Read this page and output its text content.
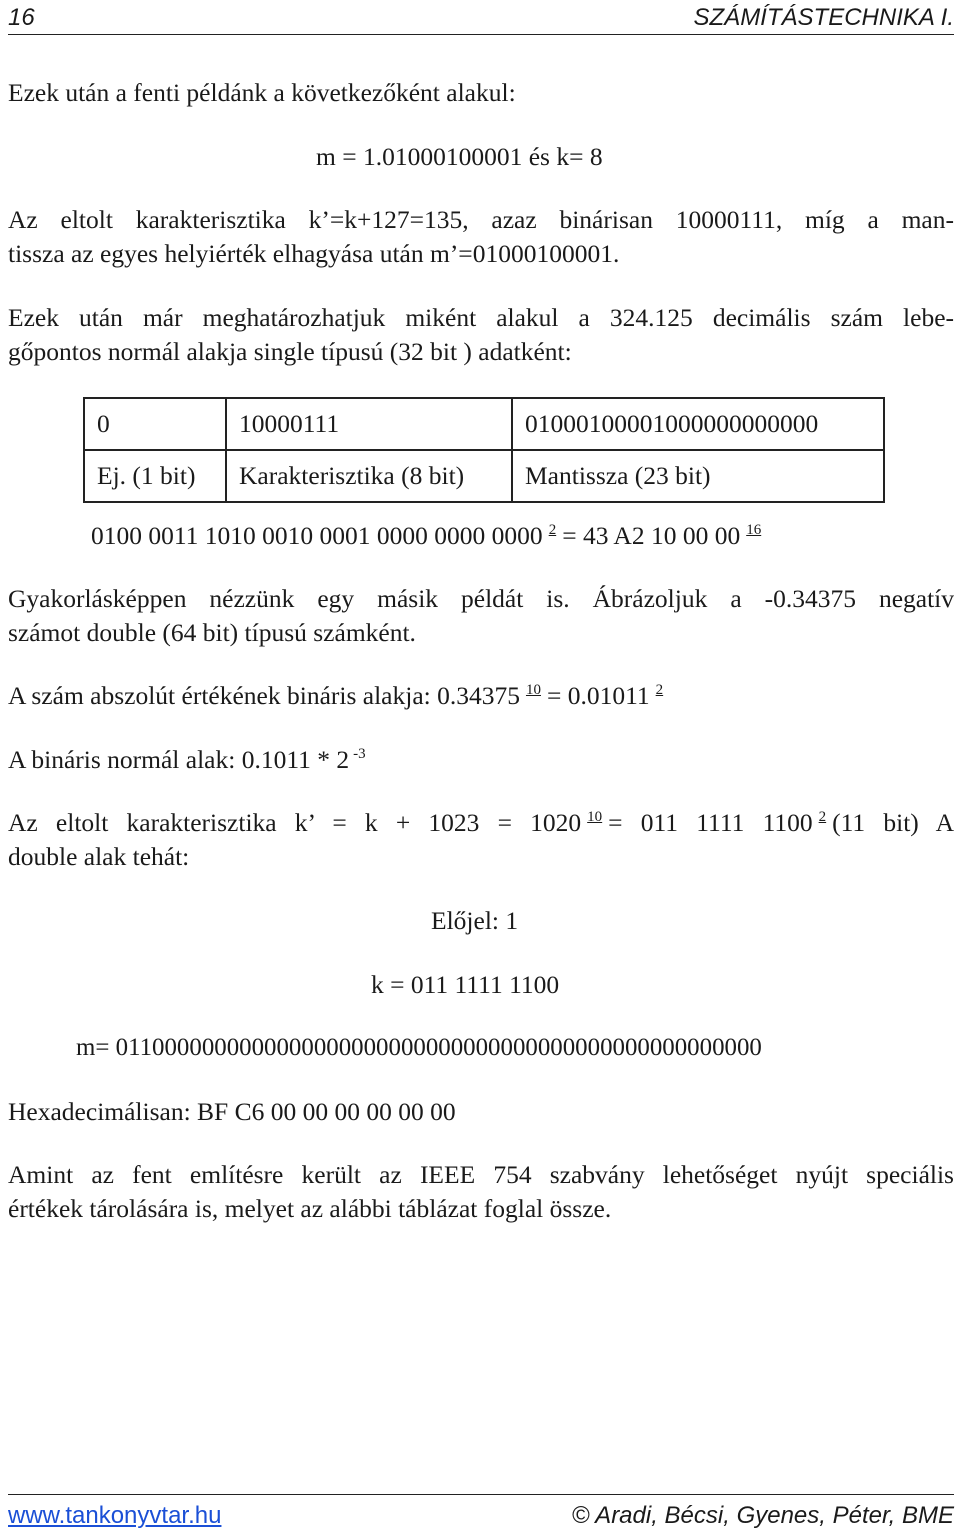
16	SZÁMÍTÁSTECHNIKA I.
Ezek után a fenti példánk a következőként alakul:
m = 1.01000100001 és k= 8
Az eltolt karakterisztika k’=k+127=135, azaz binárisan 10000111, míg a man-
tissza az egyes helyiérték elhagyása után m’=01000100001.
Ezek után már meghatározhatjuk miként alakul a 324.125 decimális szám lebe-
gőpontos normál alakja single típusú (32 bit ) adatként:
0	10000111	01000100001000000000000
Ej. (1 bit)	Karakterisztika (8 bit)	Mantissza (23 bit)
0100 0011 1010 0010 0001 0000 0000 0000 $^2$ = 43 A2 10 00 00 $^{16}$
Gyakorlásképpen nézzünk egy másik példát is. Ábrázoljuk a -0.34375 negatív
számot double (64 bit) típusú számként.
A szám abszolút értékének bináris alakja: 0.34375 $^{10}$ = 0.01011 $^2$
A bináris normál alak: 0.1011 * 2 $^{-3}$
Az eltolt karakterisztika k’ = k + 1023 = 1020 $^{10}$ = 011 1111 1100 $^2$ (11 bit) A
double alak tehát:
Előjel: 1
k = 011 1111 1100
m= 0110000000000000000000000000000000000000000000000000
Hexadecimálisan: BF C6 00 00 00 00 00 00
Amint az fent említésre került az IEEE 754 szabvány lehetőséget nyújt speciális
értékek tárolására is, melyet az alábbi táblázat foglal össze.
www.tankonyvtar.hu	© Aradi, Bécsi, Gyenes, Péter, BME
